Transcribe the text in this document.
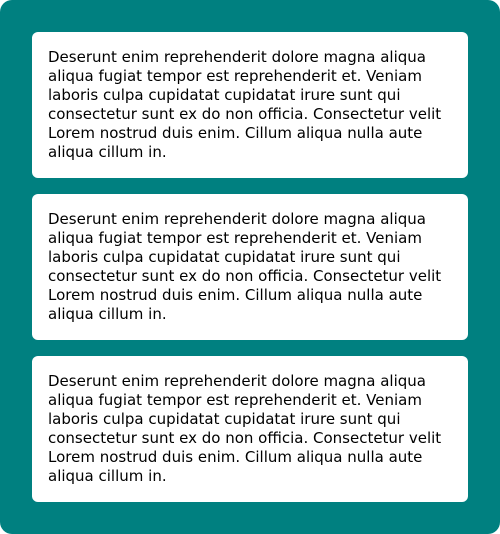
Deserunt enim reprehenderit dolore magna aliqua aliqua fugiat tempor est reprehenderit et. Veniam laboris culpa cupidatat cupidatat irure sunt qui consectetur sunt ex do non officia. Consectetur velit Lorem nostrud duis enim. Cillum aliqua nulla aute aliqua cillum in.
Deserunt enim reprehenderit dolore magna aliqua aliqua fugiat tempor est reprehenderit et. Veniam laboris culpa cupidatat cupidatat irure sunt qui consectetur sunt ex do non officia. Consectetur velit Lorem nostrud duis enim. Cillum aliqua nulla aute aliqua cillum in.
Deserunt enim reprehenderit dolore magna aliqua aliqua fugiat tempor est reprehenderit et. Veniam laboris culpa cupidatat cupidatat irure sunt qui consectetur sunt ex do non officia. Consectetur velit Lorem nostrud duis enim. Cillum aliqua nulla aute aliqua cillum in.
